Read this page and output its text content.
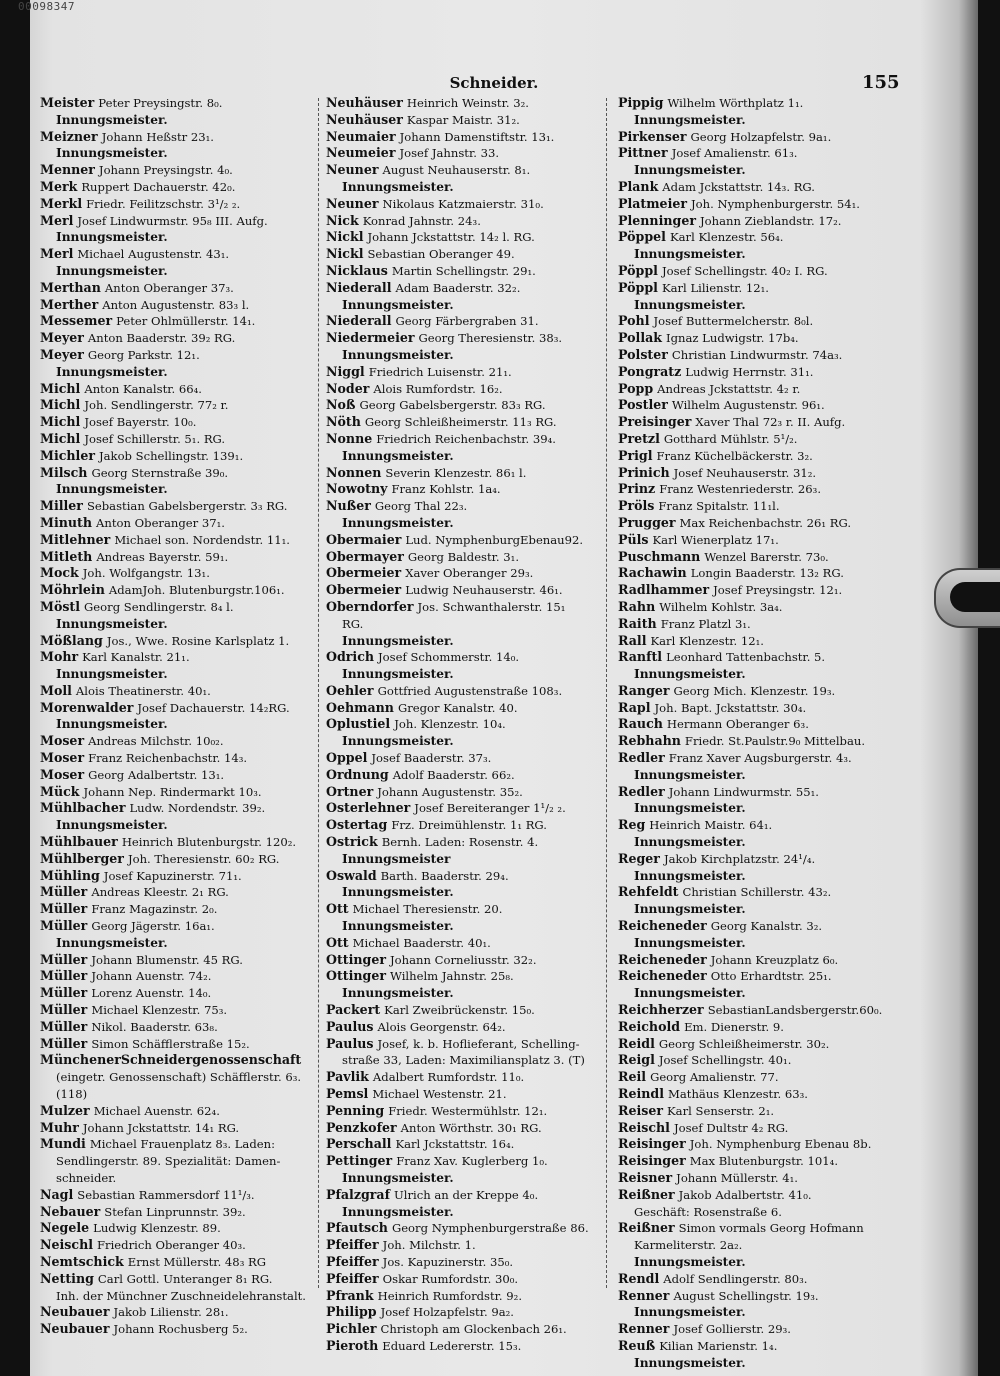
00098347
Schneider.	155
Meister Peter Preysingstr. 8₀.
Innungsmeister.
Meizner Johann Heßstr 23₁.
Innungsmeister.
Menner Johann Preysingstr. 4₀.
Merk Ruppert Dachauerstr. 42₀.
Merkl Friedr. Feilitzschstr. 3¹/₂ ₂.
Merl Josef Lindwurmstr. 95₈ III. Aufg.
Innungsmeister.
Merl Michael Augustenstr. 43₁.
Innungsmeister.
Merthan Anton Oberanger 37₃.
Merther Anton Augustenstr. 83₃ l.
Messemer Peter Ohlmüllerstr. 14₁.
Meyer Anton Baaderstr. 39₂ RG.
Meyer Georg Parkstr. 12₁.
Innungsmeister.
Michl Anton Kanalstr. 66₄.
Michl Joh. Sendlingerstr. 77₂ r.
Michl Josef Bayerstr. 10₀.
Michl Josef Schillerstr. 5₁. RG.
Michler Jakob Schellingstr. 139₁.
Milsch Georg Sternstraße 39₀.
Innungsmeister.
Miller Sebastian Gabelsbergerstr. 3₃ RG.
Minuth Anton Oberanger 37₁.
Mitlehner Michael son. Nordendstr. 11₁.
Mitleth Andreas Bayerstr. 59₁.
Mock Joh. Wolfgangstr. 13₁.
Möhrlein AdamJoh. Blutenburgstr.106₁.
Möstl Georg Sendlingerstr. 8₄ l.
Innungsmeister.
Mößlang Jos., Wwe. Rosine Karlsplatz 1.
Mohr Karl Kanalstr. 21₁.
Innungsmeister.
Moll Alois Theatinerstr. 40₁.
Morenwalder Josef Dachauerstr. 14₂RG.
Innungsmeister.
Moser Andreas Milchstr. 10₀₂.
Moser Franz Reichenbachstr. 14₃.
Moser Georg Adalbertstr. 13₁.
Mück Johann Nep. Rindermarkt 10₃.
Mühlbacher Ludw. Nordendstr. 39₂.
Innungsmeister.
Mühlbauer Heinrich Blutenburgstr. 120₂.
Mühlberger Joh. Theresienstr. 60₂ RG.
Mühling Josef Kapuzinerstr. 71₁.
Müller Andreas Kleestr. 2₁ RG.
Müller Franz Magazinstr. 2₀.
Müller Georg Jägerstr. 16a₁.
Innungsmeister.
Müller Johann Blumenstr. 45 RG.
Müller Johann Auenstr. 74₂.
Müller Lorenz Auenstr. 14₀.
Müller Michael Klenzestr. 75₃.
Müller Nikol. Baaderstr. 63₈.
Müller Simon Schäfflerstraße 15₂.
MünchenerSchneidergenossenschaft
(eingetr. Genossenschaft) Schäfflerstr. 6₃.
(118)
Mulzer Michael Auenstr. 62₄.
Muhr Johann Jckstattstr. 14₁ RG.
Mundi Michael Frauenplatz 8₃. Laden:
Sendlingerstr. 89. Spezialität: Damen-
schneider.
Nagl Sebastian Rammersdorf 11¹/₃.
Nebauer Stefan Linprunnstr. 39₂.
Negele Ludwig Klenzestr. 89.
Neischl Friedrich Oberanger 40₃.
Nemtschick Ernst Müllerstr. 48₃ RG
Netting Carl Gottl. Unteranger 8₁ RG.
Inh. der Münchner Zuschneidelehranstalt.
Neubauer Jakob Lilienstr. 28₁.
Neubauer Johann Rochusberg 5₂.
Neuhäuser Heinrich Weinstr. 3₂.
Neuhäuser Kaspar Maistr. 31₂.
Neumaier Johann Damenstiftstr. 13₁.
Neumeier Josef Jahnstr. 33.
Neuner August Neuhauserstr. 8₁.
Innungsmeister.
Neuner Nikolaus Katzmaierstr. 31₀.
Nick Konrad Jahnstr. 24₃.
Nickl Johann Jckstattstr. 14₂ l. RG.
Nickl Sebastian Oberanger 49.
Nicklaus Martin Schellingstr. 29₁.
Niederall Adam Baaderstr. 32₂.
Innungsmeister.
Niederall Georg Färbergraben 31.
Niedermeier Georg Theresienstr. 38₃.
Innungsmeister.
Niggl Friedrich Luisenstr. 21₁.
Noder Alois Rumfordstr. 16₂.
Noß Georg Gabelsbergerstr. 83₃ RG.
Nöth Georg Schleißheimerstr. 11₃ RG.
Nonne Friedrich Reichenbachstr. 39₄.
Innungsmeister.
Nonnen Severin Klenzestr. 86₁ l.
Nowotny Franz Kohlstr. 1a₄.
Nußer Georg Thal 22₃.
Innungsmeister.
Obermaier Lud. NymphenburgEbenau92.
Obermayer Georg Baldestr. 3₁.
Obermeier Xaver Oberanger 29₃.
Obermeier Ludwig Neuhauserstr. 46₁.
Oberndorfer Jos. Schwanthalerstr. 15₁
RG.
Innungsmeister.
Odrich Josef Schommerstr. 14₀.
Innungsmeister.
Oehler Gottfried Augustenstraße 108₃.
Oehmann Gregor Kanalstr. 40.
Oplustiel Joh. Klenzestr. 10₄.
Innungsmeister.
Oppel Josef Baaderstr. 37₃.
Ordnung Adolf Baaderstr. 66₂.
Ortner Johann Augustenstr. 35₂.
Osterlehner Josef Bereiteranger 1¹/₂ ₂.
Ostertag Frz. Dreimühlenstr. 1₁ RG.
Ostrick Bernh. Laden: Rosenstr. 4.
Innungsmeister
Oswald Barth. Baaderstr. 29₄.
Innungsmeister.
Ott Michael Theresienstr. 20.
Innungsmeister.
Ott Michael Baaderstr. 40₁.
Ottinger Johann Corneliusstr. 32₂.
Ottinger Wilhelm Jahnstr. 25₈.
Innungsmeister.
Packert Karl Zweibrückenstr. 15₀.
Paulus Alois Georgenstr. 64₂.
Paulus Josef, k. b. Hoflieferant, Schelling-
straße 33, Laden: Maximiliansplatz 3. (T)
Pavlik Adalbert Rumfordstr. 11₀.
Pemsl Michael Westenstr. 21.
Penning Friedr. Westermühlstr. 12₁.
Penzkofer Anton Wörthstr. 30₁ RG.
Perschall Karl Jckstattstr. 16₄.
Pettinger Franz Xav. Kuglerberg 1₀.
Innungsmeister.
Pfalzgraf Ulrich an der Kreppe 4₀.
Innungsmeister.
Pfautsch Georg Nymphenburgerstraße 86.
Pfeiffer Joh. Milchstr. 1.
Pfeiffer Jos. Kapuzinerstr. 35₀.
Pfeiffer Oskar Rumfordstr. 30₀.
Pfrank Heinrich Rumfordstr. 9₂.
Philipp Josef Holzapfelstr. 9a₂.
Pichler Christoph am Glockenbach 26₁.
Pieroth Eduard Ledererstr. 15₃.
Pippig Wilhelm Wörthplatz 1₁.
Innungsmeister.
Pirkenser Georg Holzapfelstr. 9a₁.
Pittner Josef Amalienstr. 61₃.
Innungsmeister.
Plank Adam Jckstattstr. 14₃. RG.
Platmeier Joh. Nymphenburgerstr. 54₁.
Plenninger Johann Zieblandstr. 17₂.
Pöppel Karl Klenzestr. 56₄.
Innungsmeister.
Pöppl Josef Schellingstr. 40₂ I. RG.
Pöppl Karl Lilienstr. 12₁.
Innungsmeister.
Pohl Josef Buttermelcherstr. 8₀l.
Pollak Ignaz Ludwigstr. 17b₄.
Polster Christian Lindwurmstr. 74a₃.
Pongratz Ludwig Herrnstr. 31₁.
Popp Andreas Jckstattstr. 4₂ r.
Postler Wilhelm Augustenstr. 96₁.
Preisinger Xaver Thal 72₃ r. II. Aufg.
Pretzl Gotthard Mühlstr. 5¹/₂.
Prigl Franz Küchelbäckerstr. 3₂.
Prinich Josef Neuhauserstr. 31₂.
Prinz Franz Westenriederstr. 26₃.
Pröls Franz Spitalstr. 11₁l.
Prugger Max Reichenbachstr. 26₁ RG.
Püls Karl Wienerplatz 17₁.
Puschmann Wenzel Barerstr. 73₀.
Rachawin Longin Baaderstr. 13₂ RG.
Radlhammer Josef Preysingstr. 12₁.
Rahn Wilhelm Kohlstr. 3a₄.
Raith Franz Platzl 3₁.
Rall Karl Klenzestr. 12₁.
Ranftl Leonhard Tattenbachstr. 5.
Innungsmeister.
Ranger Georg Mich. Klenzestr. 19₃.
Rapl Joh. Bapt. Jckstattstr. 30₄.
Rauch Hermann Oberanger 6₃.
Rebhahn Friedr. St.Paulstr.9₀ Mittelbau.
Redler Franz Xaver Augsburgerstr. 4₃.
Innungsmeister.
Redler Johann Lindwurmstr. 55₁.
Innungsmeister.
Reg Heinrich Maistr. 64₁.
Innungsmeister.
Reger Jakob Kirchplatzstr. 24¹/₄.
Innungsmeister.
Rehfeldt Christian Schillerstr. 43₂.
Innungsmeister.
Reicheneder Georg Kanalstr. 3₂.
Innungsmeister.
Reicheneder Johann Kreuzplatz 6₀.
Reicheneder Otto Erhardtstr. 25₁.
Innungsmeister.
Reichherzer SebastianLandsbergerstr.60₀.
Reichold Em. Dienerstr. 9.
Reidl Georg Schleißheimerstr. 30₂.
Reigl Josef Schellingstr. 40₁.
Reil Georg Amalienstr. 77.
Reindl Mathäus Klenzestr. 63₃.
Reiser Karl Senserstr. 2₁.
Reischl Josef Dultstr 4₂ RG.
Reisinger Joh. Nymphenburg Ebenau 8b.
Reisinger Max Blutenburgstr. 101₄.
Reisner Johann Müllerstr. 4₁.
Reißner Jakob Adalbertstr. 41₀.
Geschäft: Rosenstraße 6.
Reißner Simon vormals Georg Hofmann
Karmeliterstr. 2a₂.
Innungsmeister.
Rendl Adolf Sendlingerstr. 80₃.
Renner August Schellingstr. 19₃.
Innungsmeister.
Renner Josef Gollierstr. 29₃.
Reuß Kilian Marienstr. 1₄.
Innungsmeister.
